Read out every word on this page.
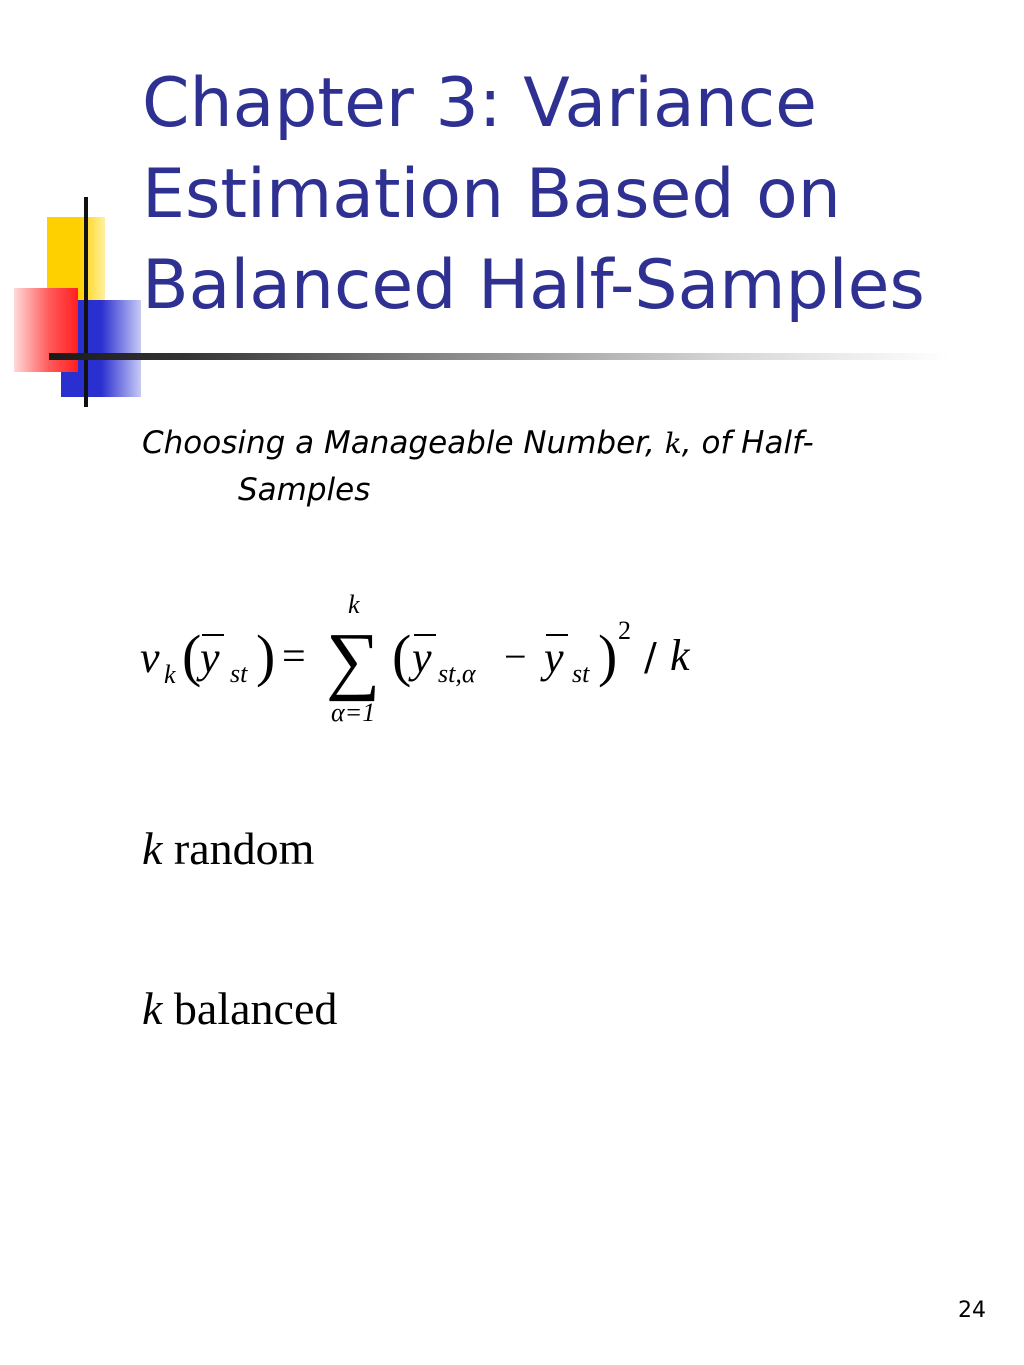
Chapter 3: Variance
Estimation Based on
Balanced Half-Samples
Choosing a Manageable Number, k, of Half-
Samples
v k (
y st ) =
k
∑
α=1
( y st,α − y st ) 2
/ k
k random
k balanced
24
